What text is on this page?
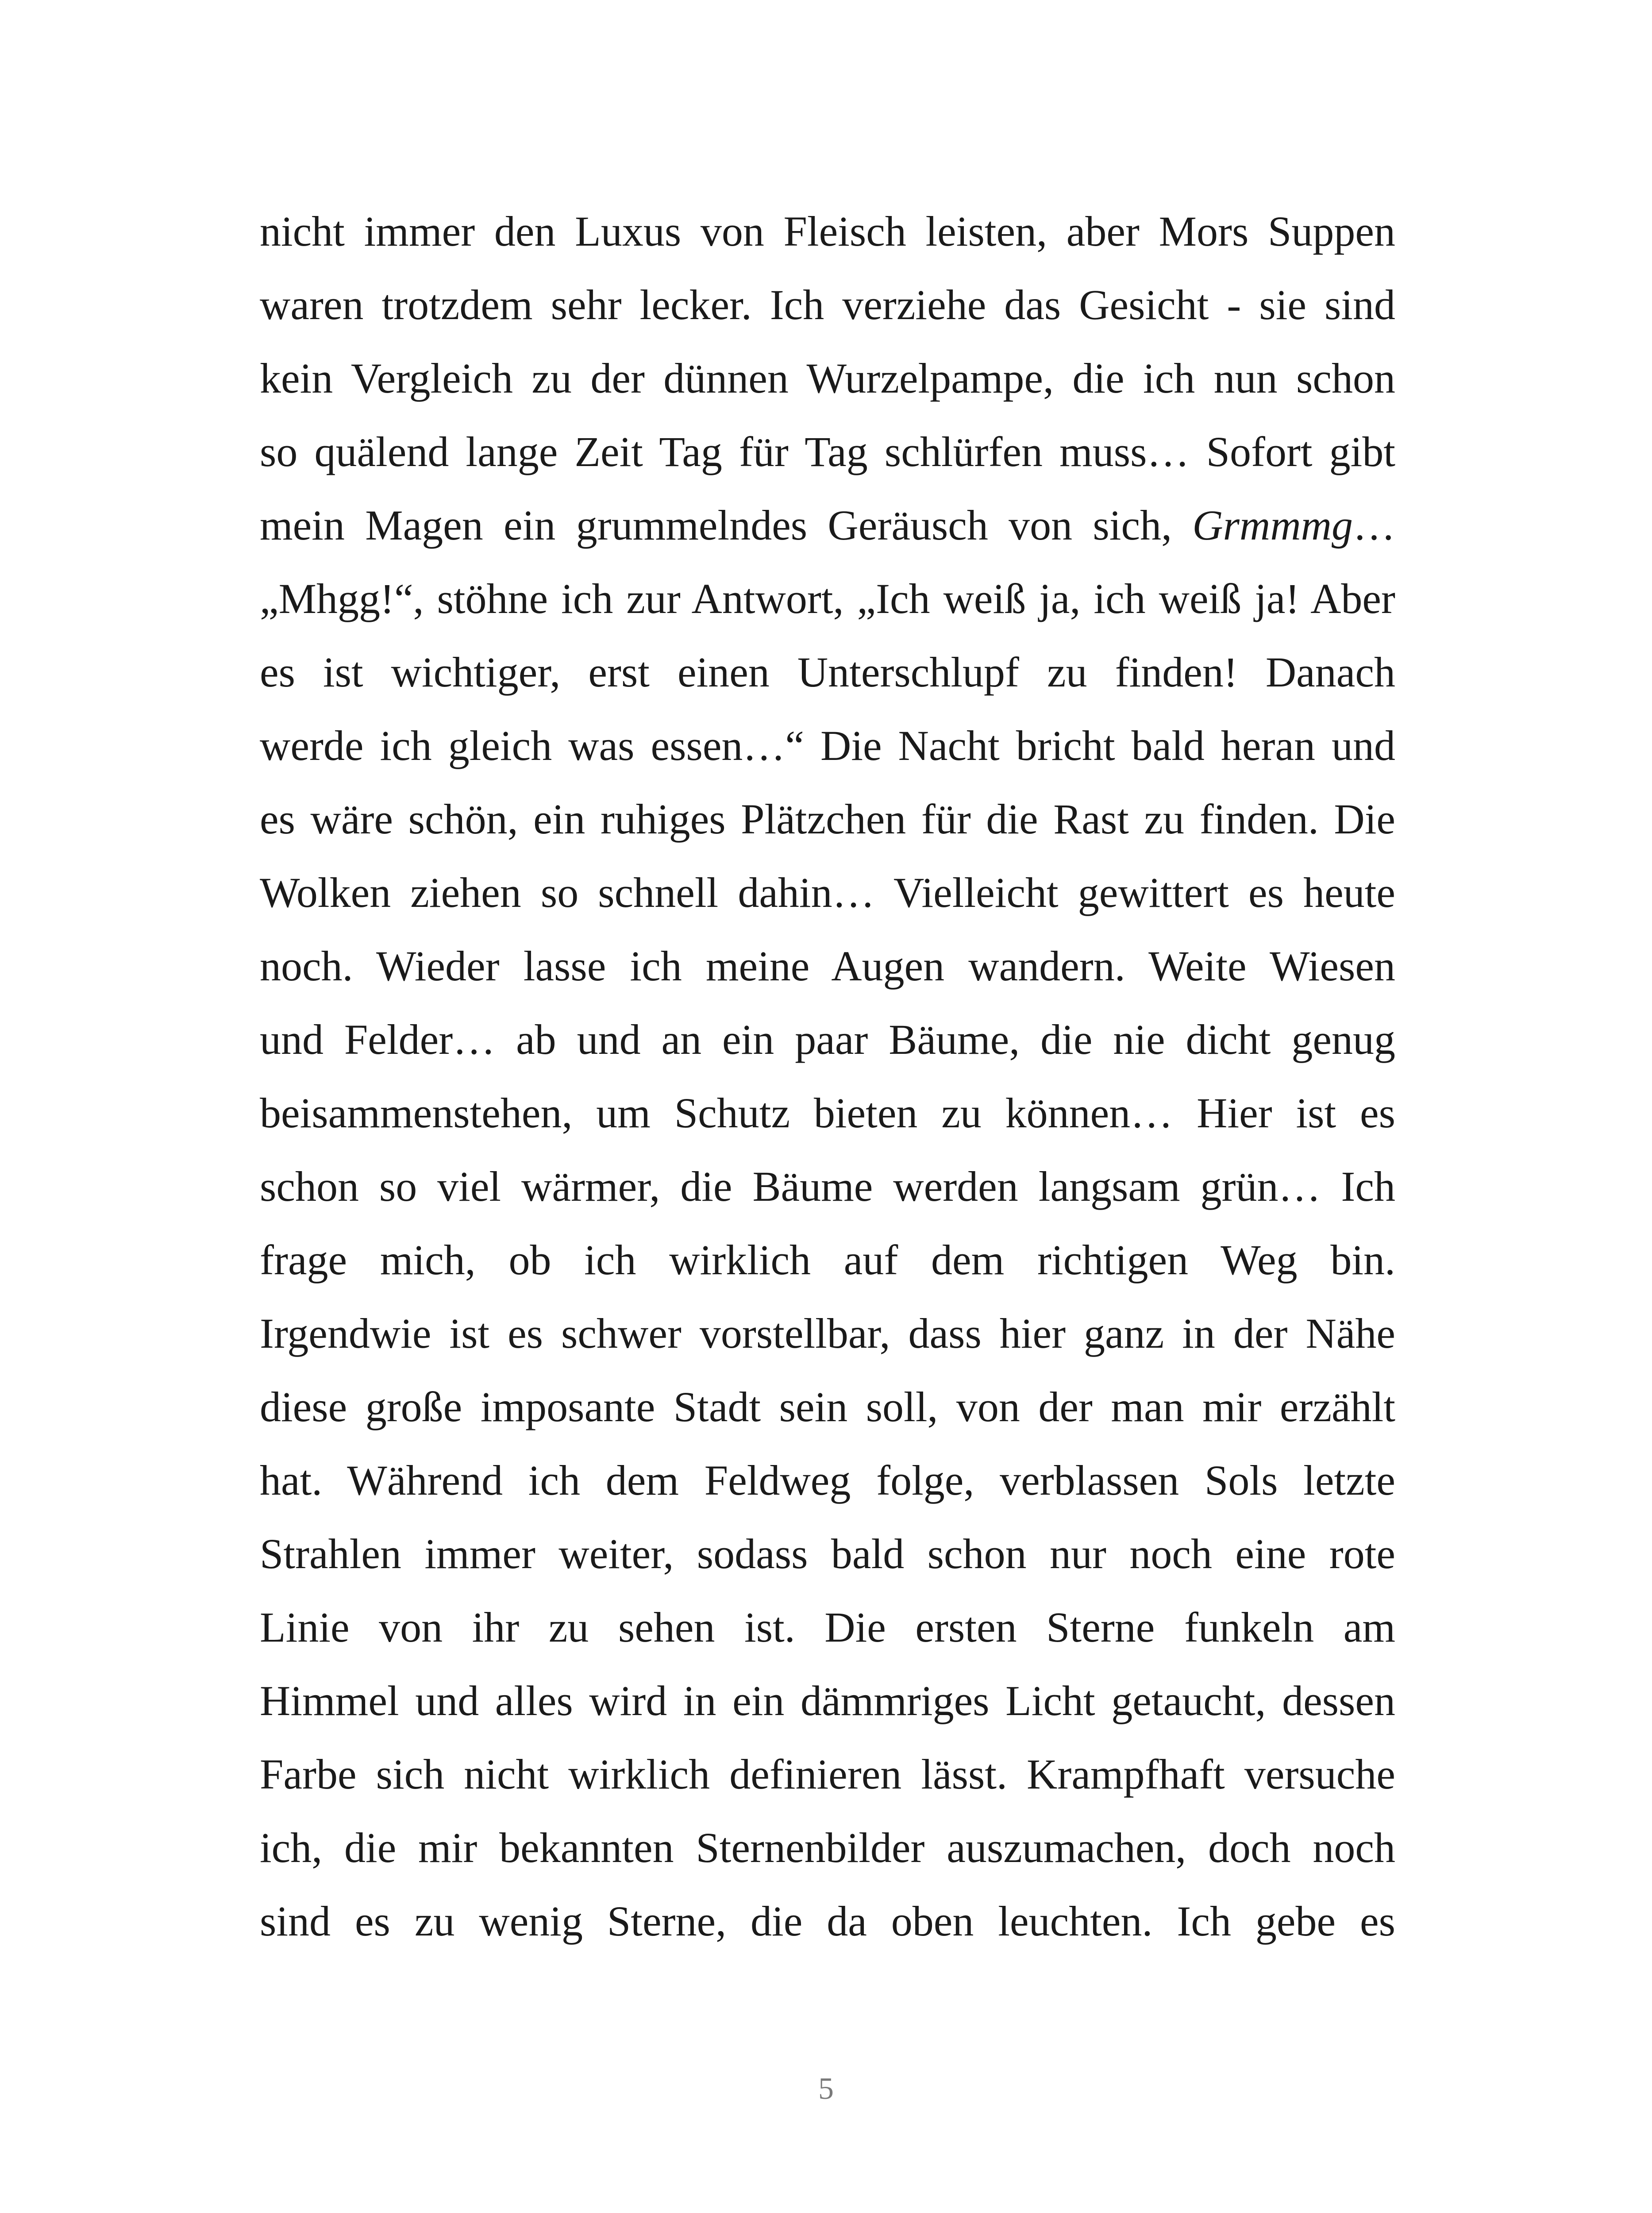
nicht immer den Luxus von Fleisch leisten, aber Mors Suppen
waren trotzdem sehr lecker. Ich verziehe das Gesicht - sie sind
kein Vergleich zu der dünnen Wurzelpampe, die ich nun schon
so quälend lange Zeit Tag für Tag schlürfen muss… Sofort gibt
mein Magen ein grummelndes Geräusch von sich, Grmmmg…
„Mhgg!“, stöhne ich zur Antwort, „Ich weiß ja, ich weiß ja! Aber
es ist wichtiger, erst einen Unterschlupf zu finden! Danach
werde ich gleich was essen…“ Die Nacht bricht bald heran und
es wäre schön, ein ruhiges Plätzchen für die Rast zu finden. Die
Wolken ziehen so schnell dahin… Vielleicht gewittert es heute
noch. Wieder lasse ich meine Augen wandern. Weite Wiesen
und Felder… ab und an ein paar Bäume, die nie dicht genug
beisammenstehen, um Schutz bieten zu können… Hier ist es
schon so viel wärmer, die Bäume werden langsam grün… Ich
frage mich, ob ich wirklich auf dem richtigen Weg bin.
Irgendwie ist es schwer vorstellbar, dass hier ganz in der Nähe
diese große imposante Stadt sein soll, von der man mir erzählt
hat. Während ich dem Feldweg folge, verblassen Sols letzte
Strahlen immer weiter, sodass bald schon nur noch eine rote
Linie von ihr zu sehen ist. Die ersten Sterne funkeln am
Himmel und alles wird in ein dämmriges Licht getaucht, dessen
Farbe sich nicht wirklich definieren lässt. Krampfhaft versuche
ich, die mir bekannten Sternenbilder auszumachen, doch noch
sind es zu wenig Sterne, die da oben leuchten. Ich gebe es
5
